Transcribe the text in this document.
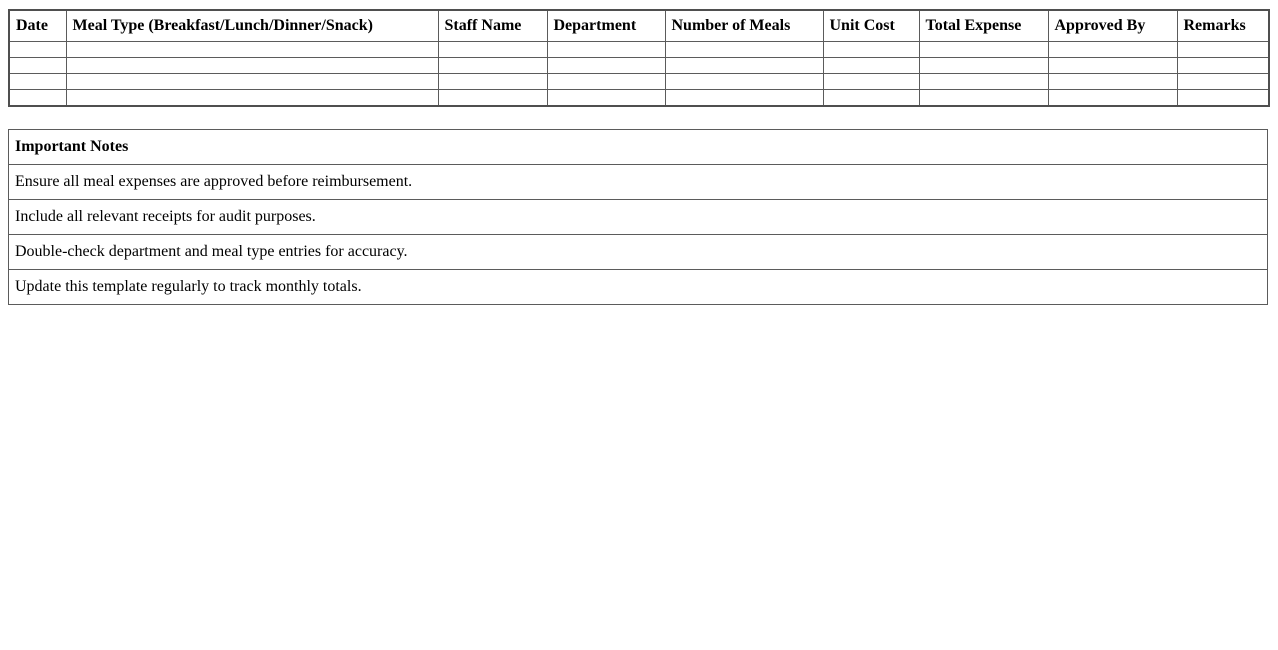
Date	Meal Type (Breakfast/Lunch/Dinner/Snack)	Staff Name	Department	Number of Meals	Unit Cost	Total Expense	Approved By	Remarks

Important Notes
Ensure all meal expenses are approved before reimbursement.
Include all relevant receipts for audit purposes.
Double-check department and meal type entries for accuracy.
Update this template regularly to track monthly totals.
